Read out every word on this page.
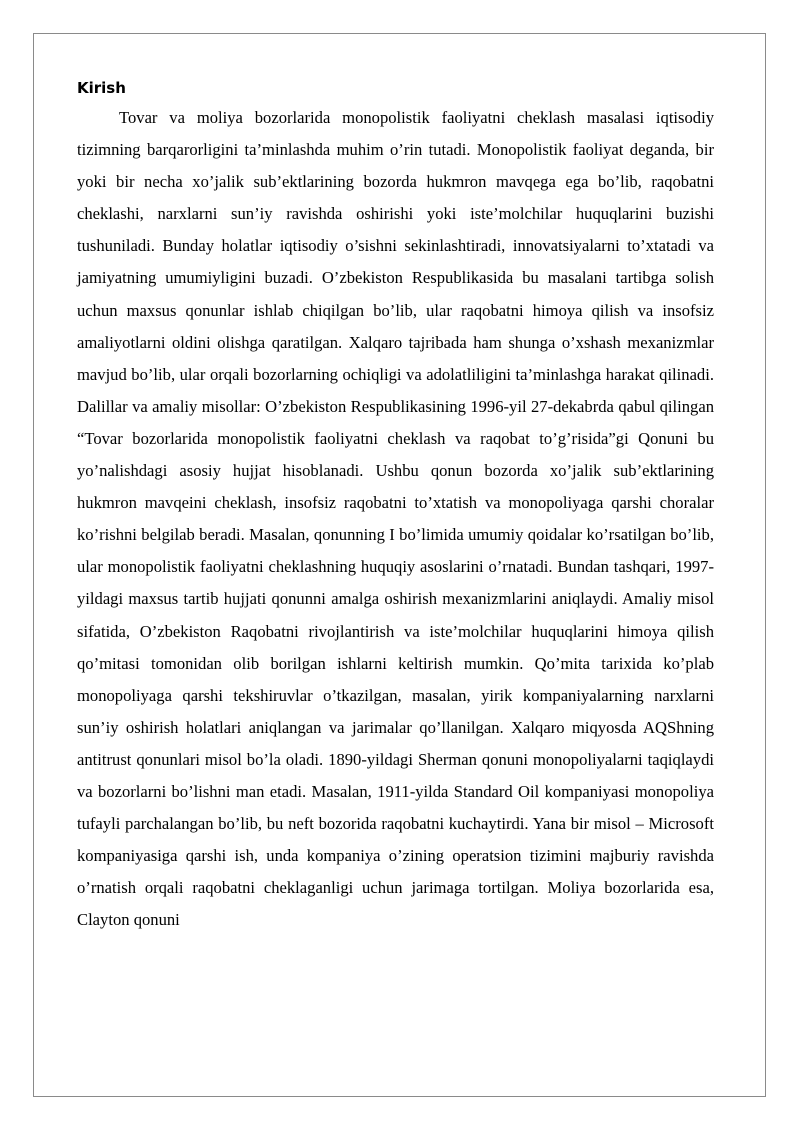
Kirish

Tovar va moliya bozorlarida monopolistik faoliyatni cheklash masalasi iqtisodiy tizimning barqarorligini ta’minlashda muhim o’rin tutadi. Monopolistik faoliyat deganda, bir yoki bir necha xo’jalik sub’ektlarining bozorda hukmron mavqega ega bo’lib, raqobatni cheklashi, narxlarni sun’iy ravishda oshirishi yoki iste’molchilar huquqlarini buzishi tushuniladi. Bunday holatlar iqtisodiy o’sishni sekinlashtiradi, innovatsiyalarni to’xtatadi va jamiyatning umumiyligini buzadi. O’zbekiston Respublikasida bu masalani tartibga solish uchun maxsus qonunlar ishlab chiqilgan bo’lib, ular raqobatni himoya qilish va insofsiz amaliyotlarni oldini olishga qaratilgan. Xalqaro tajribada ham shunga o’xshash mexanizmlar mavjud bo’lib, ular orqali bozorlarning ochiqligi va adolatliligini ta’minlashga harakat qilinadi. Dalillar va amaliy misollar: O’zbekiston Respublikasining 1996-yil 27-dekabrda qabul qilingan “Tovar bozorlarida monopolistik faoliyatni cheklash va raqobat to’g’risida”gi Qonuni bu yo’nalishdagi asosiy hujjat hisoblanadi. Ushbu qonun bozorda xo’jalik sub’ektlarining hukmron mavqeini cheklash, insofsiz raqobatni to’xtatish va monopoliyaga qarshi choralar ko’rishni belgilab beradi. Masalan, qonunning I bo’limida umumiy qoidalar ko’rsatilgan bo’lib, ular monopolistik faoliyatni cheklashning huquqiy asoslarini o’rnatadi. Bundan tashqari, 1997-yildagi maxsus tartib hujjati qonunni amalga oshirish mexanizmlarini aniqlaydi. Amaliy misol sifatida, O’zbekiston Raqobatni rivojlantirish va iste’molchilar huquqlarini himoya qilish qo’mitasi tomonidan olib borilgan ishlarni keltirish mumkin. Qo’mita tarixida ko’plab monopoliyaga qarshi tekshiruvlar o’tkazilgan, masalan, yirik kompaniyalarning narxlarni sun’iy oshirish holatlari aniqlangan va jarimalar qo’llanilgan. Xalqaro miqyosda AQShning antitrust qonunlari misol bo’la oladi. 1890-yildagi Sherman qonuni monopoliyalarni taqiqlaydi va bozorlarni bo’lishni man etadi. Masalan, 1911-yilda Standard Oil kompaniyasi monopoliya tufayli parchalangan bo’lib, bu neft bozorida raqobatni kuchaytirdi. Yana bir misol – Microsoft kompaniyasiga qarshi ish, unda kompaniya o’zining operatsion tizimini majburiy ravishda o’rnatish orqali raqobatni cheklaganligi uchun jarimaga tortilgan. Moliya bozorlarida esa, Clayton qonuni
